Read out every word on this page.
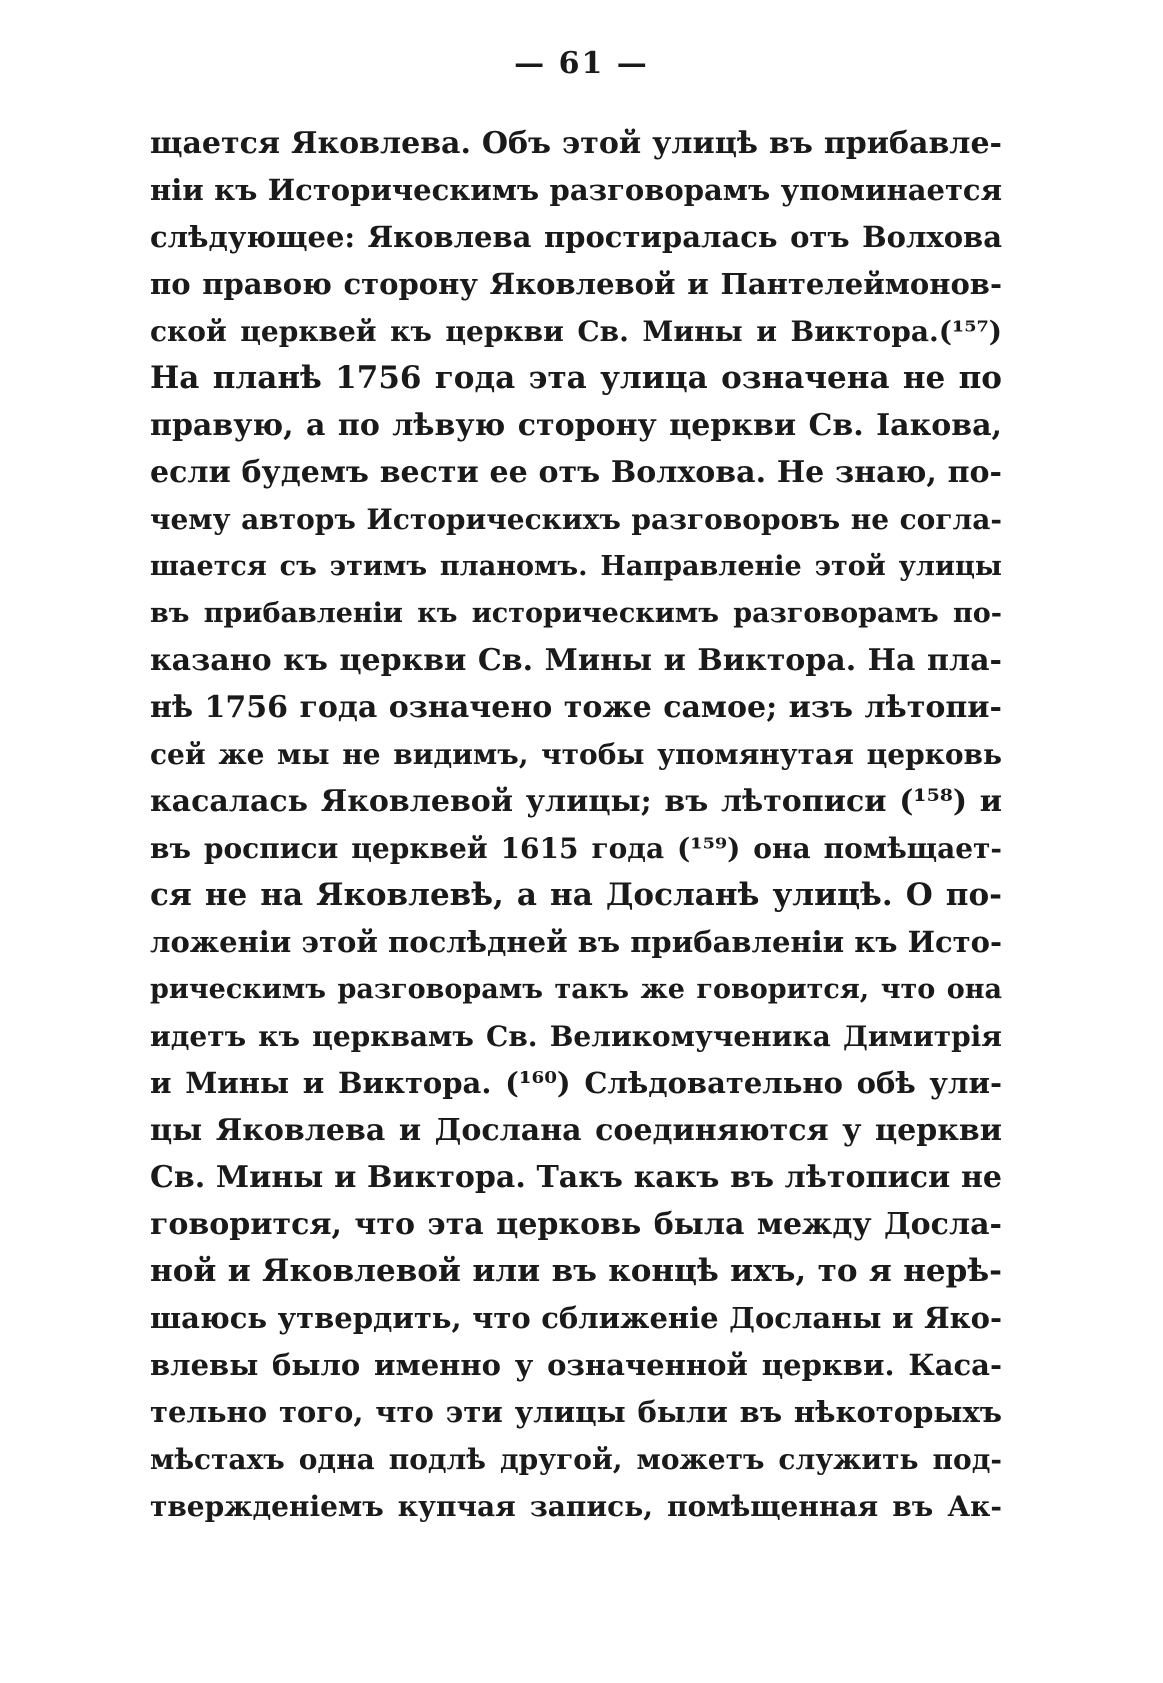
— 61 —
щается Яковлева. Объ этой улицѣ въ прибавле-
ніи къ Историческимъ разговорамъ упоминается
слѣдующее: Яковлева простиралась отъ Волхова
по правою сторону Яковлевой и Пантелеймонов-
ской церквей къ церкви Св. Мины и Виктора.(¹⁵⁷)
На планѣ 1756 года эта улица означена не по
правую, а по лѣвую сторону церкви Св. Іакова,
если будемъ вести ее отъ Волхова. Не знаю, по-
чему авторъ Историческихъ разговоровъ не согла-
шается съ этимъ планомъ. Направленіе этой улицы
въ прибавленіи къ историческимъ разговорамъ по-
казано къ церкви Св. Мины и Виктора. На пла-
нѣ 1756 года означено тоже самое; изъ лѣтопи-
сей же мы не видимъ, чтобы упомянутая церковь
касалась Яковлевой улицы; въ лѣтописи (¹⁵⁸) и
въ росписи церквей 1615 года (¹⁵⁹) она помѣщает-
ся не на Яковлевѣ, а на Досланѣ улицѣ. О по-
ложеніи этой послѣдней въ прибавленіи къ Исто-
рическимъ разговорамъ такъ же говорится, что она
идетъ къ церквамъ Св. Великомученика Димитрія
и Мины и Виктора. (¹⁶⁰) Слѣдовательно обѣ ули-
цы Яковлева и Дослана соединяются у церкви
Св. Мины и Виктора. Такъ какъ въ лѣтописи не
говорится, что эта церковь была между Досла-
ной и Яковлевой или въ концѣ ихъ, то я нерѣ-
шаюсь утвердить, что сближеніе Досланы и Яко-
влевы было именно у означенной церкви. Каса-
тельно того, что эти улицы были въ нѣкоторыхъ
мѣстахъ одна подлѣ другой, можетъ служить под-
твержденіемъ купчая запись, помѣщенная въ Ак-
